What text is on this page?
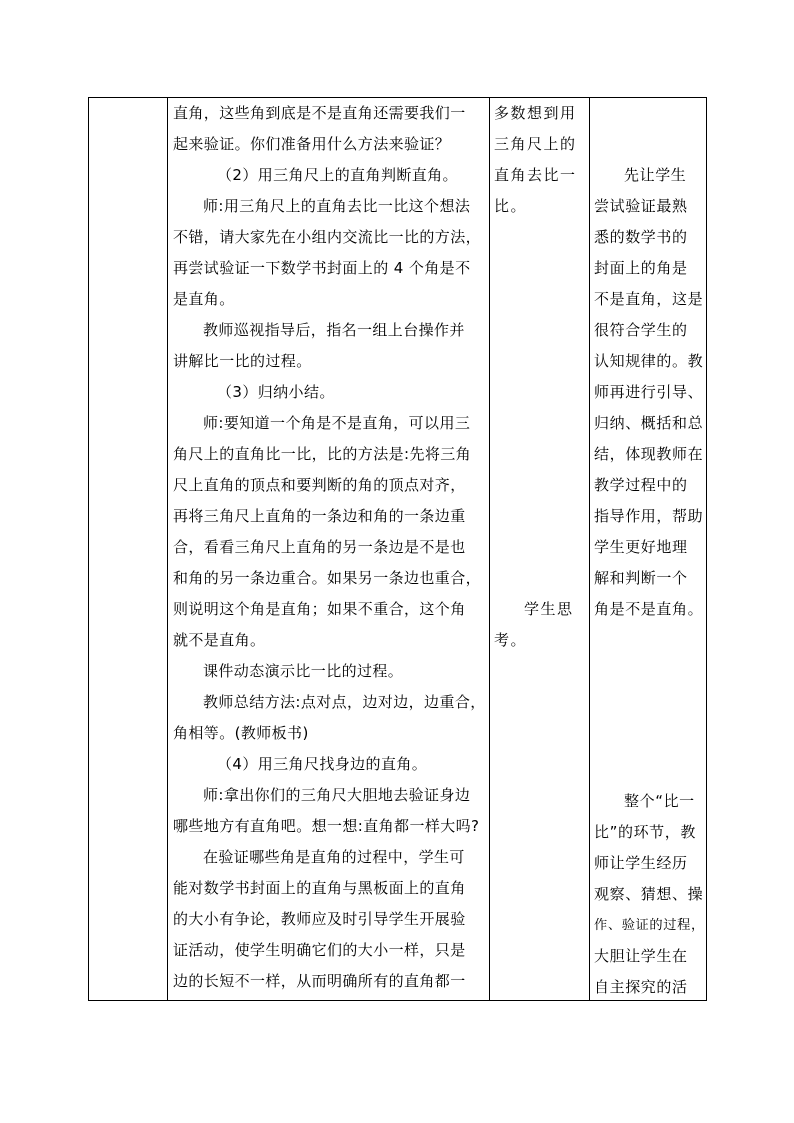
直角，这些角到底是不是直角还需要我们一
起来验证。你们准备用什么方法来验证？
（2）用三角尺上的直角判断直角。
师:用三角尺上的直角去比一比这个想法
不错，请大家先在小组内交流比一比的方法，
再尝试验证一下数学书封面上的 4 个角是不
是直角。
教师巡视指导后，指名一组上台操作并
讲解比一比的过程。
（3）归纳小结。
师:要知道一个角是不是直角，可以用三
角尺上的直角比一比，比的方法是:先将三角
尺上直角的顶点和要判断的角的顶点对齐，
再将三角尺上直角的一条边和角的一条边重
合，看看三角尺上直角的另一条边是不是也
和角的另一条边重合。如果另一条边也重合，
则说明这个角是直角；如果不重合，这个角
就不是直角。
课件动态演示比一比的过程。
教师总结方法:点对点，边对边，边重合，
角相等。(教师板书)
（4）用三角尺找身边的直角。
师:拿出你们的三角尺大胆地去验证身边
哪些地方有直角吧。想一想:直角都一样大吗?
在验证哪些角是直角的过程中，学生可
能对数学书封面上的直角与黑板面上的直角
的大小有争论，教师应及时引导学生开展验
证活动，使学生明确它们的大小一样，只是
边的长短不一样，从而明确所有的直角都一
多数想到用
三角尺上的
直角去比一
比。
学生思
考。
先让学生
尝试验证最熟
悉的数学书的
封面上的角是
不是直角，这是
很符合学生的
认知规律的。教
师再进行引导、
归纳、概括和总
结，体现教师在
教学过程中的
指导作用，帮助
学生更好地理
解和判断一个
角是不是直角。
整个“比一
比”的环节，教
师让学生经历
观察、猜想、操
作、验证的过程，
大胆让学生在
自主探究的活
